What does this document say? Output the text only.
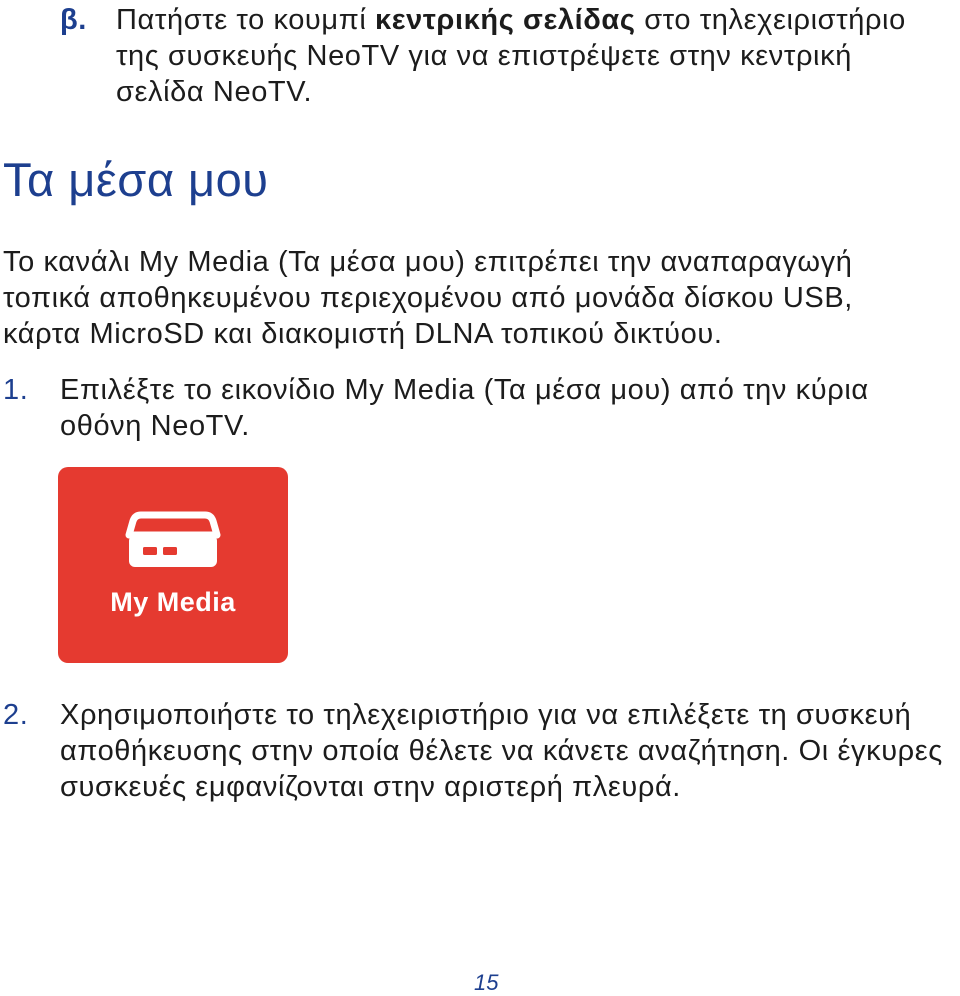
β. Πατήστε το κουμπί κεντρικής σελίδας στο τηλεχειριστήριο
της συσκευής NeoTV για να επιστρέψετε στην κεντρική
σελίδα NeoTV.
Τα μέσα μου
Το κανάλι My Media (Τα μέσα μου) επιτρέπει την αναπαραγωγή
τοπικά αποθηκευμένου περιεχομένου από μονάδα δίσκου USB,
κάρτα MicroSD και διακομιστή DLNA τοπικού δικτύου.
1. Επιλέξτε το εικονίδιο My Media (Τα μέσα μου) από την κύρια
οθόνη NeoTV.
My Media
2. Χρησιμοποιήστε το τηλεχειριστήριο για να επιλέξετε τη συσκευή
αποθήκευσης στην οποία θέλετε να κάνετε αναζήτηση. Οι έγκυρες
συσκευές εμφανίζονται στην αριστερή πλευρά.
15
